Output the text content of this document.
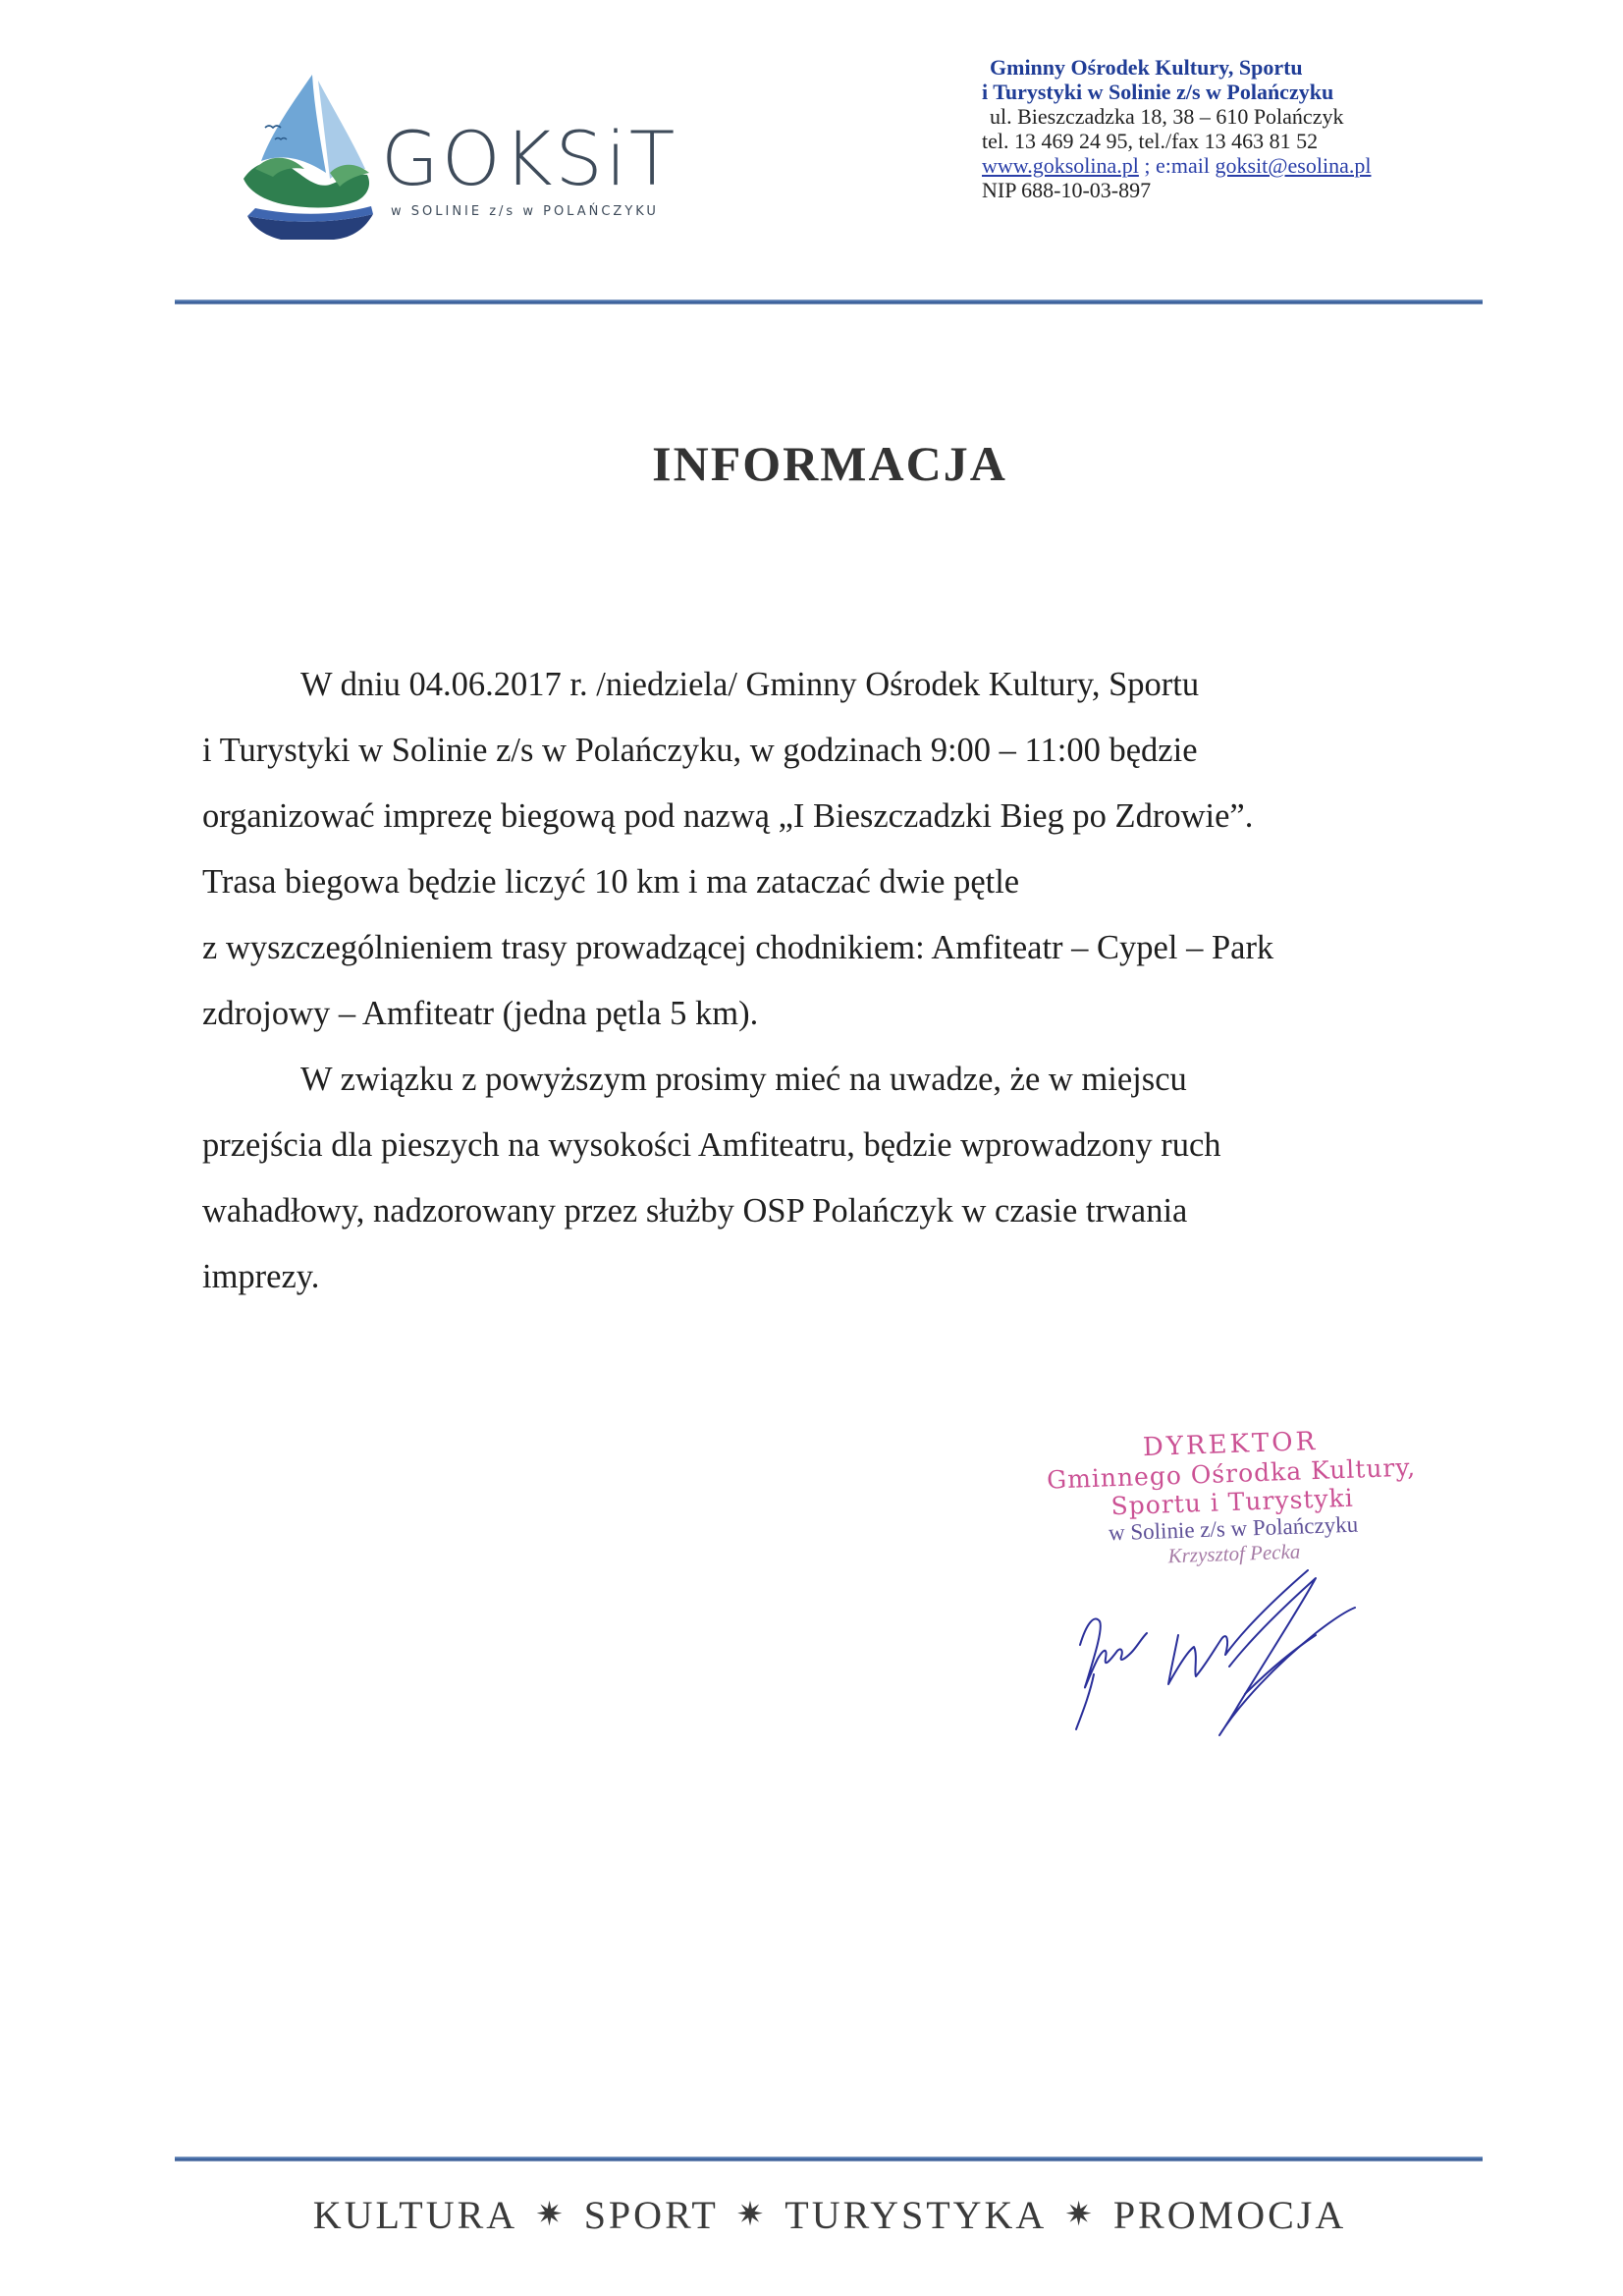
GOKSiT
w SOLINIE z/s w POLAŃCZYKU
Gminny Ośrodek Kultury, Sportu
i Turystyki w Solinie z/s w Polańczyku
ul. Bieszczadzka 18, 38 – 610 Polańczyk
tel. 13 469 24 95, tel./fax 13 463 81 52
www.goksolina.pl ; e:mail goksit@esolina.pl
NIP 688-10-03-897
INFORMACJA
W dniu 04.06.2017 r. /niedziela/ Gminny Ośrodek Kultury, Sportu
i Turystyki w Solinie z/s w Polańczyku, w godzinach 9:00 – 11:00 będzie
organizować imprezę biegową pod nazwą „I Bieszczadzki Bieg po Zdrowie”.
Trasa biegowa będzie liczyć 10 km i ma zataczać dwie pętle
z wyszczególnieniem trasy prowadzącej chodnikiem: Amfiteatr – Cypel – Park
zdrojowy – Amfiteatr (jedna pętla 5 km).
W związku z powyższym prosimy mieć na uwadze, że w miejscu
przejścia dla pieszych na wysokości Amfiteatru, będzie wprowadzony ruch
wahadłowy, nadzorowany przez służby OSP Polańczyk w czasie trwania
imprezy.
DYREKTOR
Gminnego Ośrodka Kultury,
Sportu i Turystyki
w Solinie z/s w Polańczyku
Krzysztof Pecka
KULTURA ✷ SPORT ✷ TURYSTYKA ✷ PROMOCJA
